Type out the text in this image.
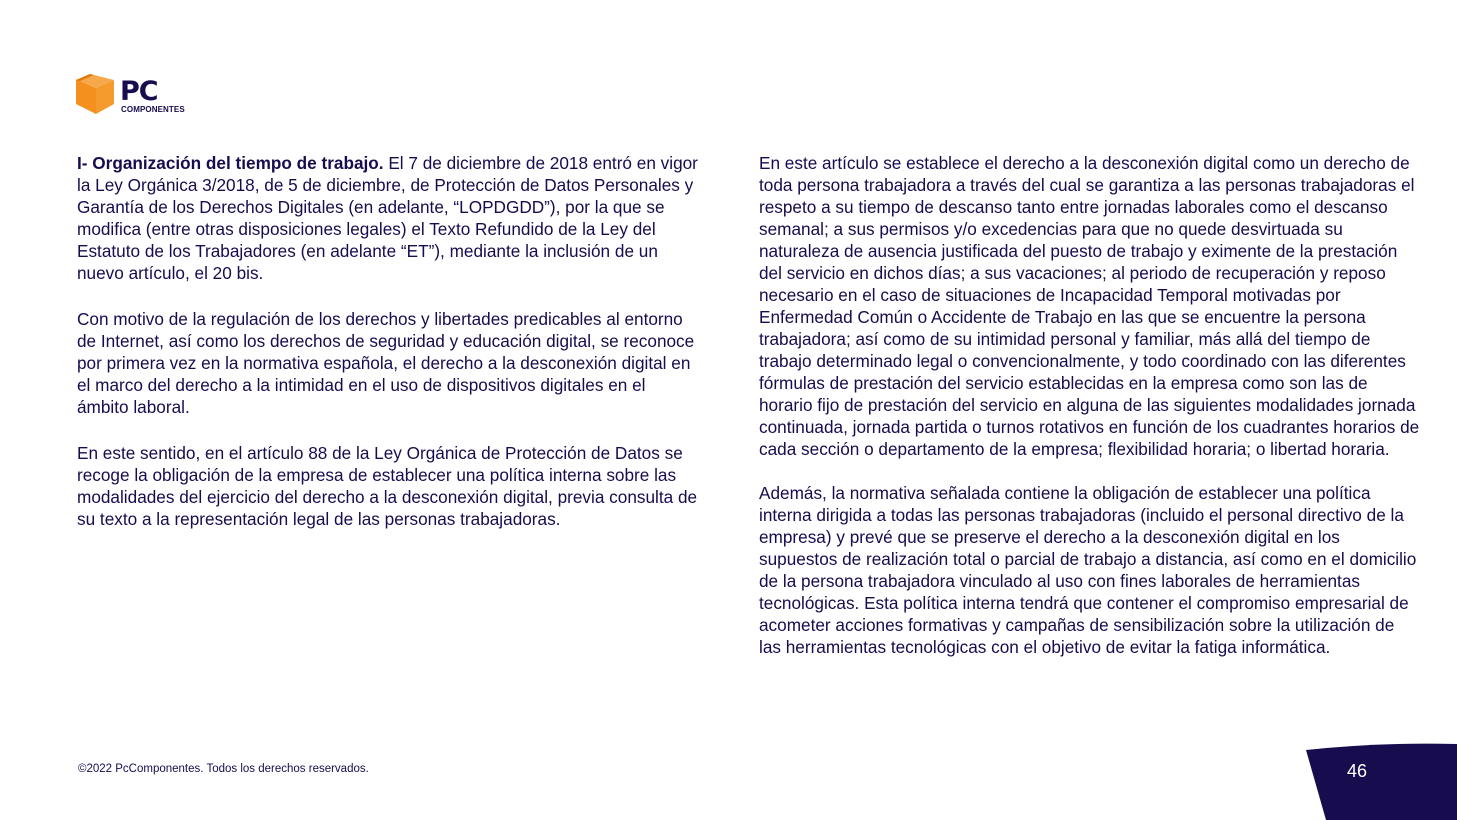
PC
COMPONENTES

I- Organización del tiempo de trabajo. El 7 de diciembre de 2018 entró en vigor la Ley Orgánica 3/2018, de 5 de diciembre, de Protección de Datos Personales y Garantía de los Derechos Digitales (en adelante, “LOPDGDD”), por la que se modifica (entre otras disposiciones legales) el Texto Refundido de la Ley del Estatuto de los Trabajadores (en adelante “ET”), mediante la inclusión de un nuevo artículo, el 20 bis.

Con motivo de la regulación de los derechos y libertades predicables al entorno de Internet, así como los derechos de seguridad y educación digital, se reconoce por primera vez en la normativa española, el derecho a la desconexión digital en el marco del derecho a la intimidad en el uso de dispositivos digitales en el ámbito laboral.

En este sentido, en el artículo 88 de la Ley Orgánica de Protección de Datos se recoge la obligación de la empresa de establecer una política interna sobre las modalidades del ejercicio del derecho a la desconexión digital, previa consulta de su texto a la representación legal de las personas trabajadoras.

En este artículo se establece el derecho a la desconexión digital como un derecho de toda persona trabajadora a través del cual se garantiza a las personas trabajadoras el respeto a su tiempo de descanso tanto entre jornadas laborales como el descanso semanal; a sus permisos y/o excedencias para que no quede desvirtuada su naturaleza de ausencia justificada del puesto de trabajo y eximente de la prestación del servicio en dichos días; a sus vacaciones; al periodo de recuperación y reposo necesario en el caso de situaciones de Incapacidad Temporal motivadas por Enfermedad Común o Accidente de Trabajo en las que se encuentre la persona trabajadora; así como de su intimidad personal y familiar, más allá del tiempo de trabajo determinado legal o convencionalmente, y todo coordinado con las diferentes fórmulas de prestación del servicio establecidas en la empresa como son las de horario fijo de prestación del servicio en alguna de las siguientes modalidades jornada continuada, jornada partida o turnos rotativos en función de los cuadrantes horarios de cada sección o departamento de la empresa; flexibilidad horaria; o libertad horaria.

Además, la normativa señalada contiene la obligación de establecer una política interna dirigida a todas las personas trabajadoras (incluido el personal directivo de la empresa) y prevé que se preserve el derecho a la desconexión digital en los supuestos de realización total o parcial de trabajo a distancia, así como en el domicilio de la persona trabajadora vinculado al uso con fines laborales de herramientas tecnológicas. Esta política interna tendrá que contener el compromiso empresarial de acometer acciones formativas y campañas de sensibilización sobre la utilización de las herramientas tecnológicas con el objetivo de evitar la fatiga informática.

©2022 PcComponentes. Todos los derechos reservados.	46
